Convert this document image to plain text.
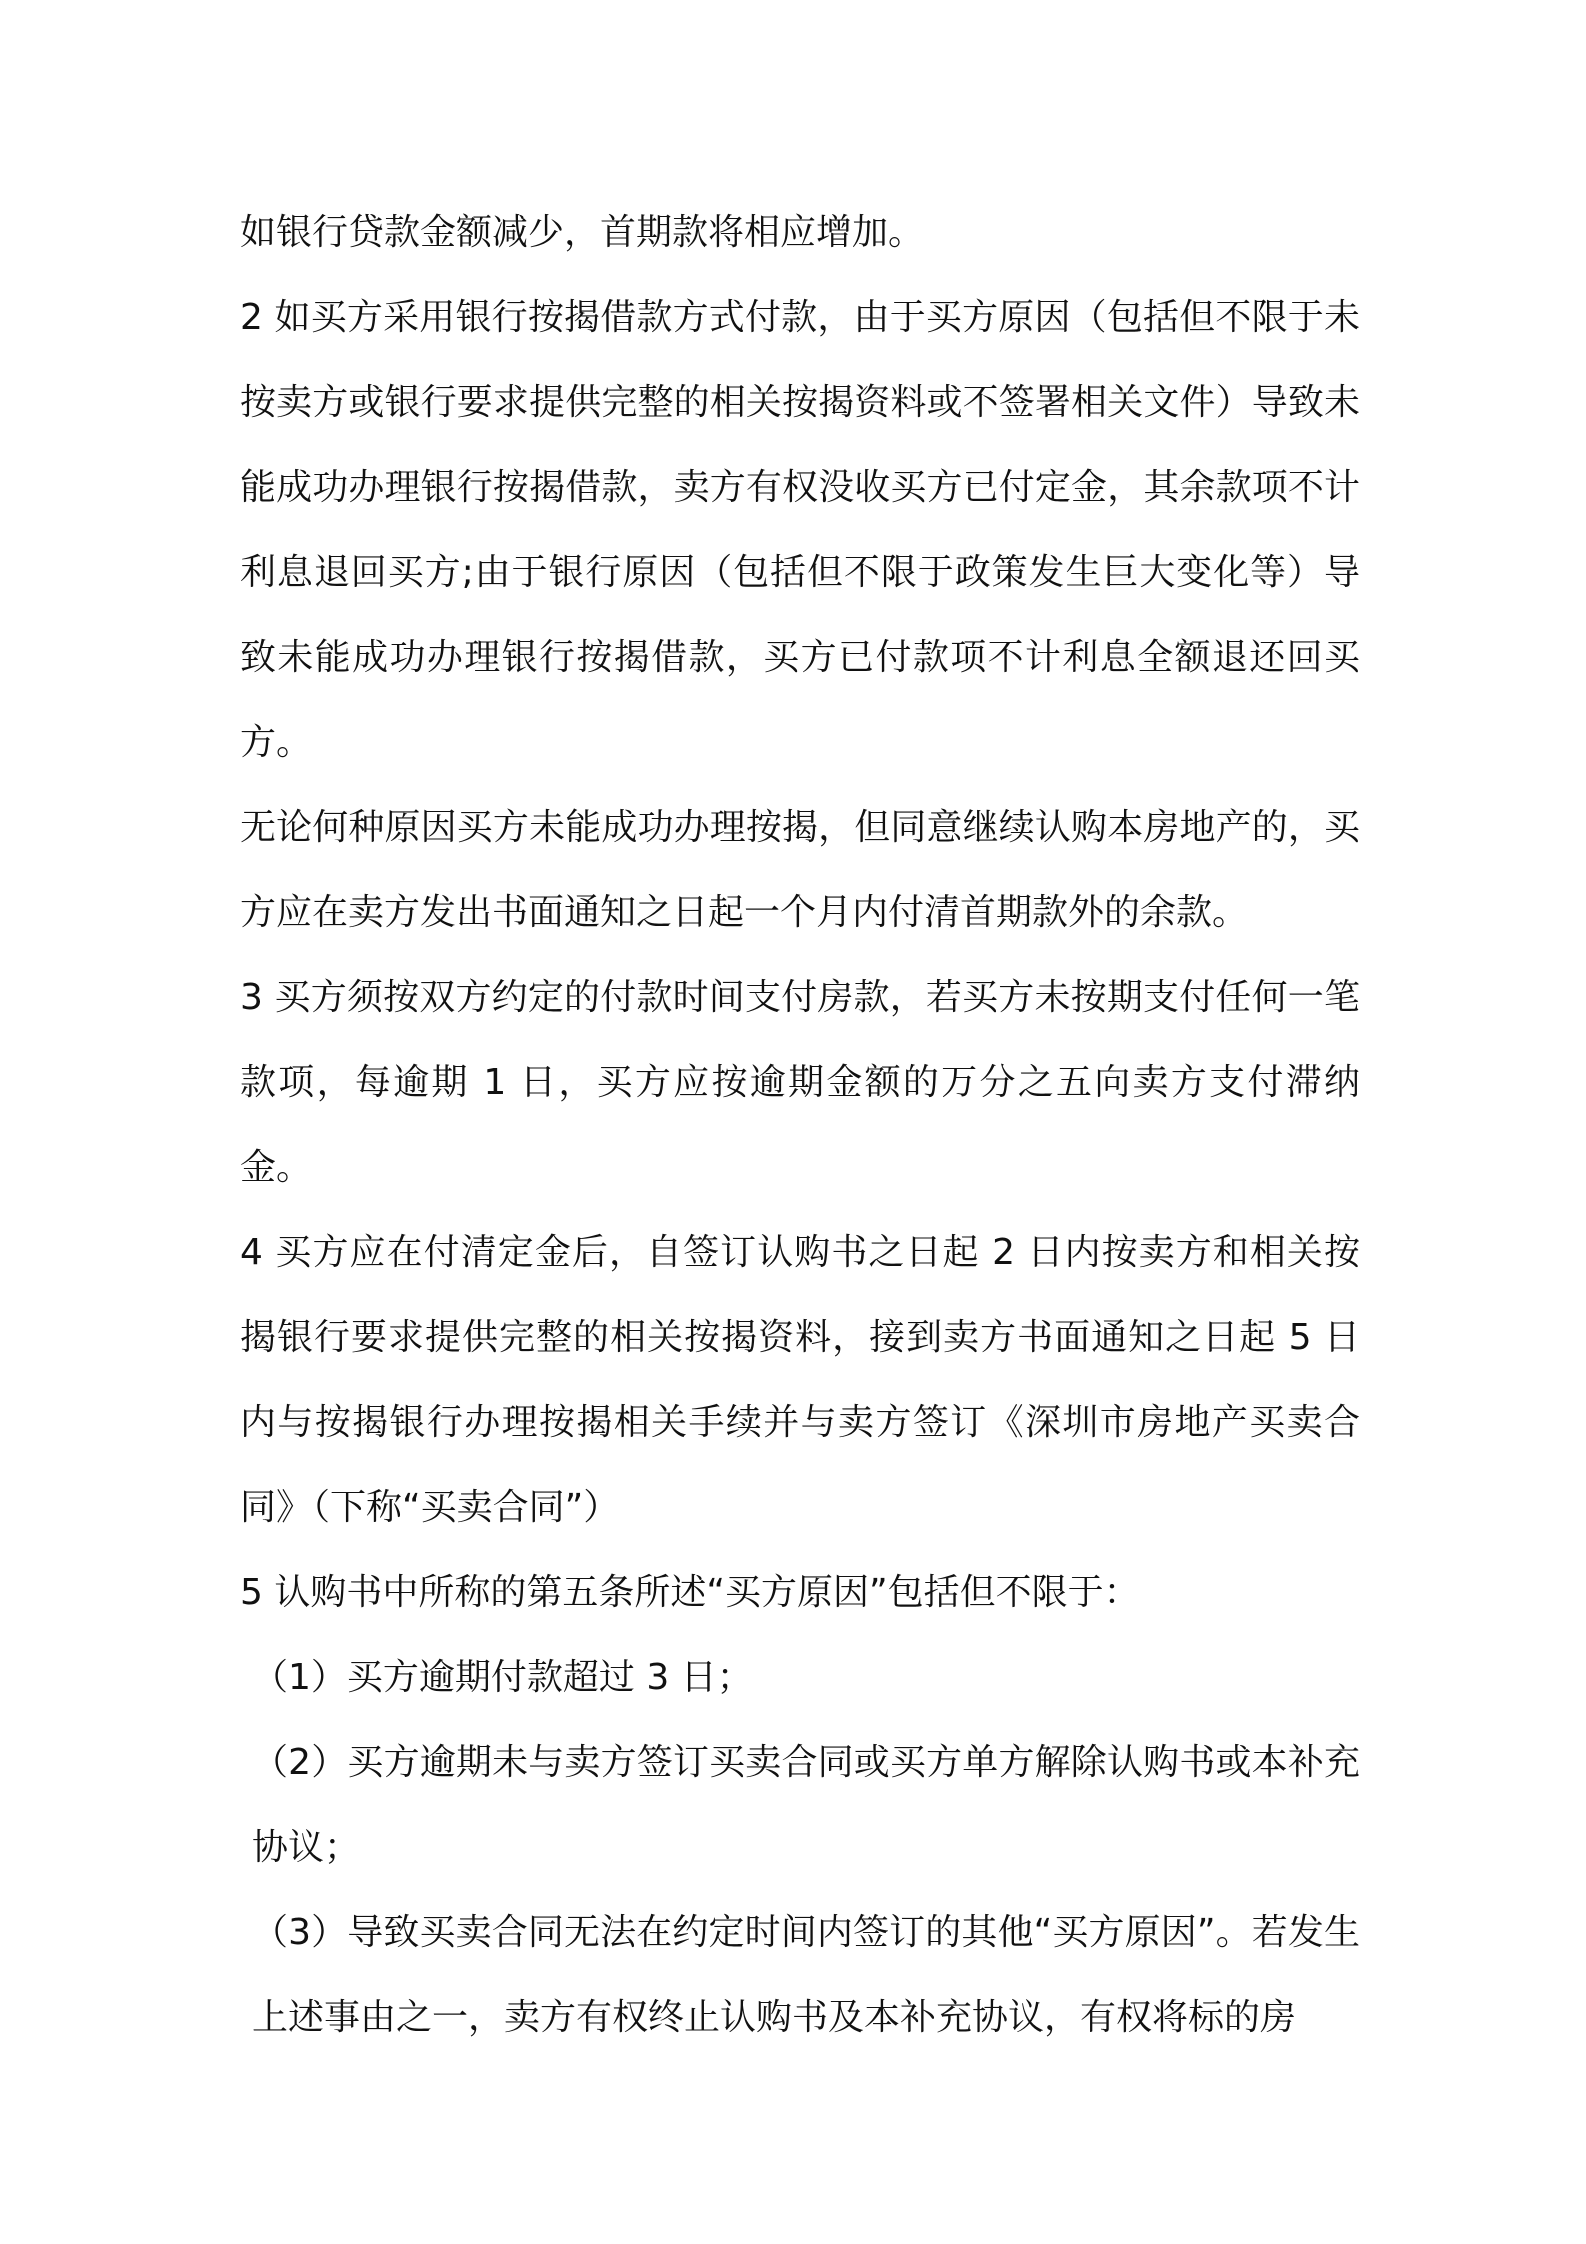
如银行贷款金额减少，首期款将相应增加。

2 如买方采用银行按揭借款方式付款，由于买方原因（包括但不限于未按卖方或银行要求提供完整的相关按揭资料或不签署相关文件）导致未能成功办理银行按揭借款，卖方有权没收买方已付定金，其余款项不计利息退回买方;由于银行原因（包括但不限于政策发生巨大变化等）导致未能成功办理银行按揭借款，买方已付款项不计利息全额退还回买方。

无论何种原因买方未能成功办理按揭，但同意继续认购本房地产的，买方应在卖方发出书面通知之日起一个月内付清首期款外的余款。

3 买方须按双方约定的付款时间支付房款，若买方未按期支付任何一笔款项，每逾期 1 日，买方应按逾期金额的万分之五向卖方支付滞纳金。

4 买方应在付清定金后，自签订认购书之日起 2 日内按卖方和相关按揭银行要求提供完整的相关按揭资料，接到卖方书面通知之日起 5 日内与按揭银行办理按揭相关手续并与卖方签订《深圳市房地产买卖合同》（下称“买卖合同”）

5 认购书中所称的第五条所述“买方原因”包括但不限于：

（1）买方逾期付款超过 3 日；

（2）买方逾期未与卖方签订买卖合同或买方单方解除认购书或本补充协议；

（3）导致买卖合同无法在约定时间内签订的其他“买方原因”。若发生上述事由之一，卖方有权终止认购书及本补充协议，有权将标的房
